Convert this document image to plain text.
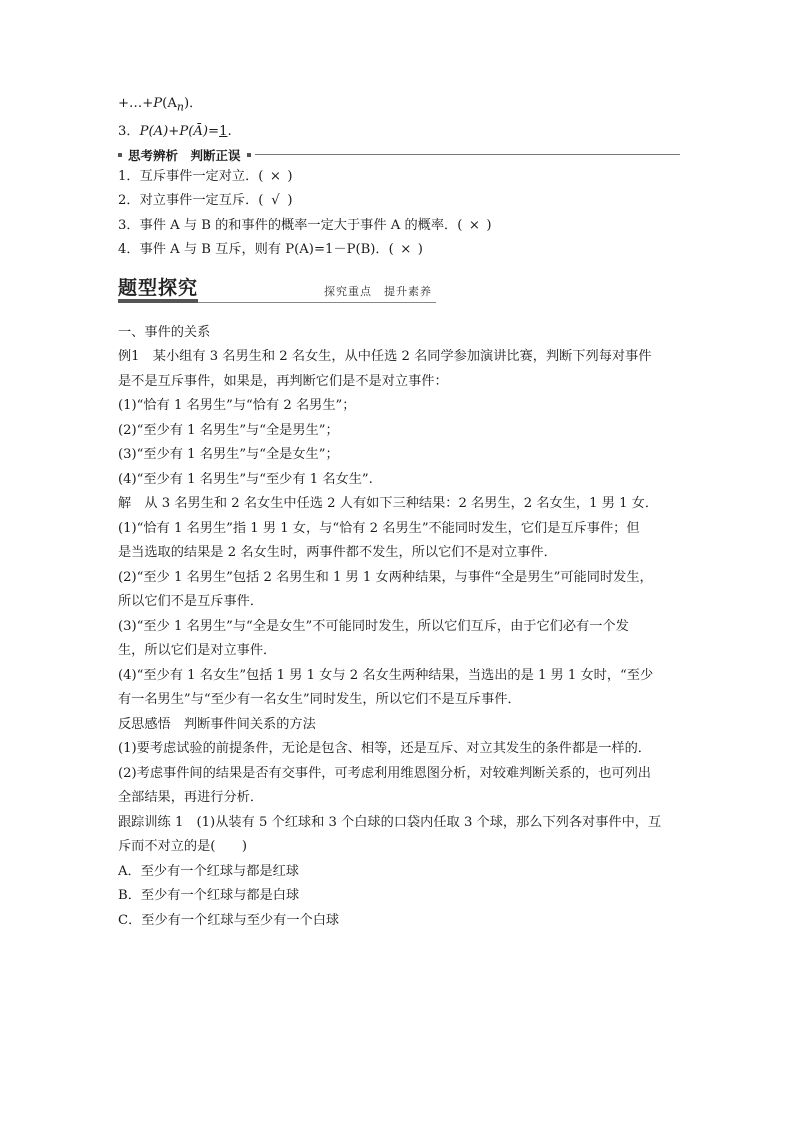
$+\dots+P(A_n)$．
3．P(A)+P(Ā)=1.
思考辨析　判断正误
1．互斥事件一定对立．( × )
2．对立事件一定互斥．( √ )
3．事件 A 与 B 的和事件的概率一定大于事件 A 的概率．( × )
4．事件 A 与 B 互斥，则有 P(A)=1－P(B)．( × )
题型探究	探究重点　提升素养
一、事件的关系
例1　某小组有 3 名男生和 2 名女生，从中任选 2 名同学参加演讲比赛，判断下列每对事件
是不是互斥事件，如果是，再判断它们是不是对立事件：
(1)“恰有 1 名男生”与“恰有 2 名男生”；
(2)“至少有 1 名男生”与“全是男生”；
(3)“至少有 1 名男生”与“全是女生”；
(4)“至少有 1 名男生”与“至少有 1 名女生”.
解　从 3 名男生和 2 名女生中任选 2 人有如下三种结果：2 名男生，2 名女生，1 男 1 女．
(1)“恰有 1 名男生”指 1 男 1 女，与“恰有 2 名男生”不能同时发生，它们是互斥事件；但
是当选取的结果是 2 名女生时，两事件都不发生，所以它们不是对立事件．
(2)“至少 1 名男生”包括 2 名男生和 1 男 1 女两种结果，与事件“全是男生”可能同时发生，
所以它们不是互斥事件．
(3)“至少 1 名男生”与“全是女生”不可能同时发生，所以它们互斥，由于它们必有一个发
生，所以它们是对立事件．
(4)“至少有 1 名女生”包括 1 男 1 女与 2 名女生两种结果，当选出的是 1 男 1 女时，“至少
有一名男生”与“至少有一名女生”同时发生，所以它们不是互斥事件．
反思感悟　判断事件间关系的方法
(1)要考虑试验的前提条件，无论是包含、相等，还是互斥、对立其发生的条件都是一样的．
(2)考虑事件间的结果是否有交事件，可考虑利用维恩图分析，对较难判断关系的，也可列出
全部结果，再进行分析．
跟踪训练 1　(1)从装有 5 个红球和 3 个白球的口袋内任取 3 个球，那么下列各对事件中，互
斥而不对立的是(　　)
A．至少有一个红球与都是红球
B．至少有一个红球与都是白球
C．至少有一个红球与至少有一个白球
